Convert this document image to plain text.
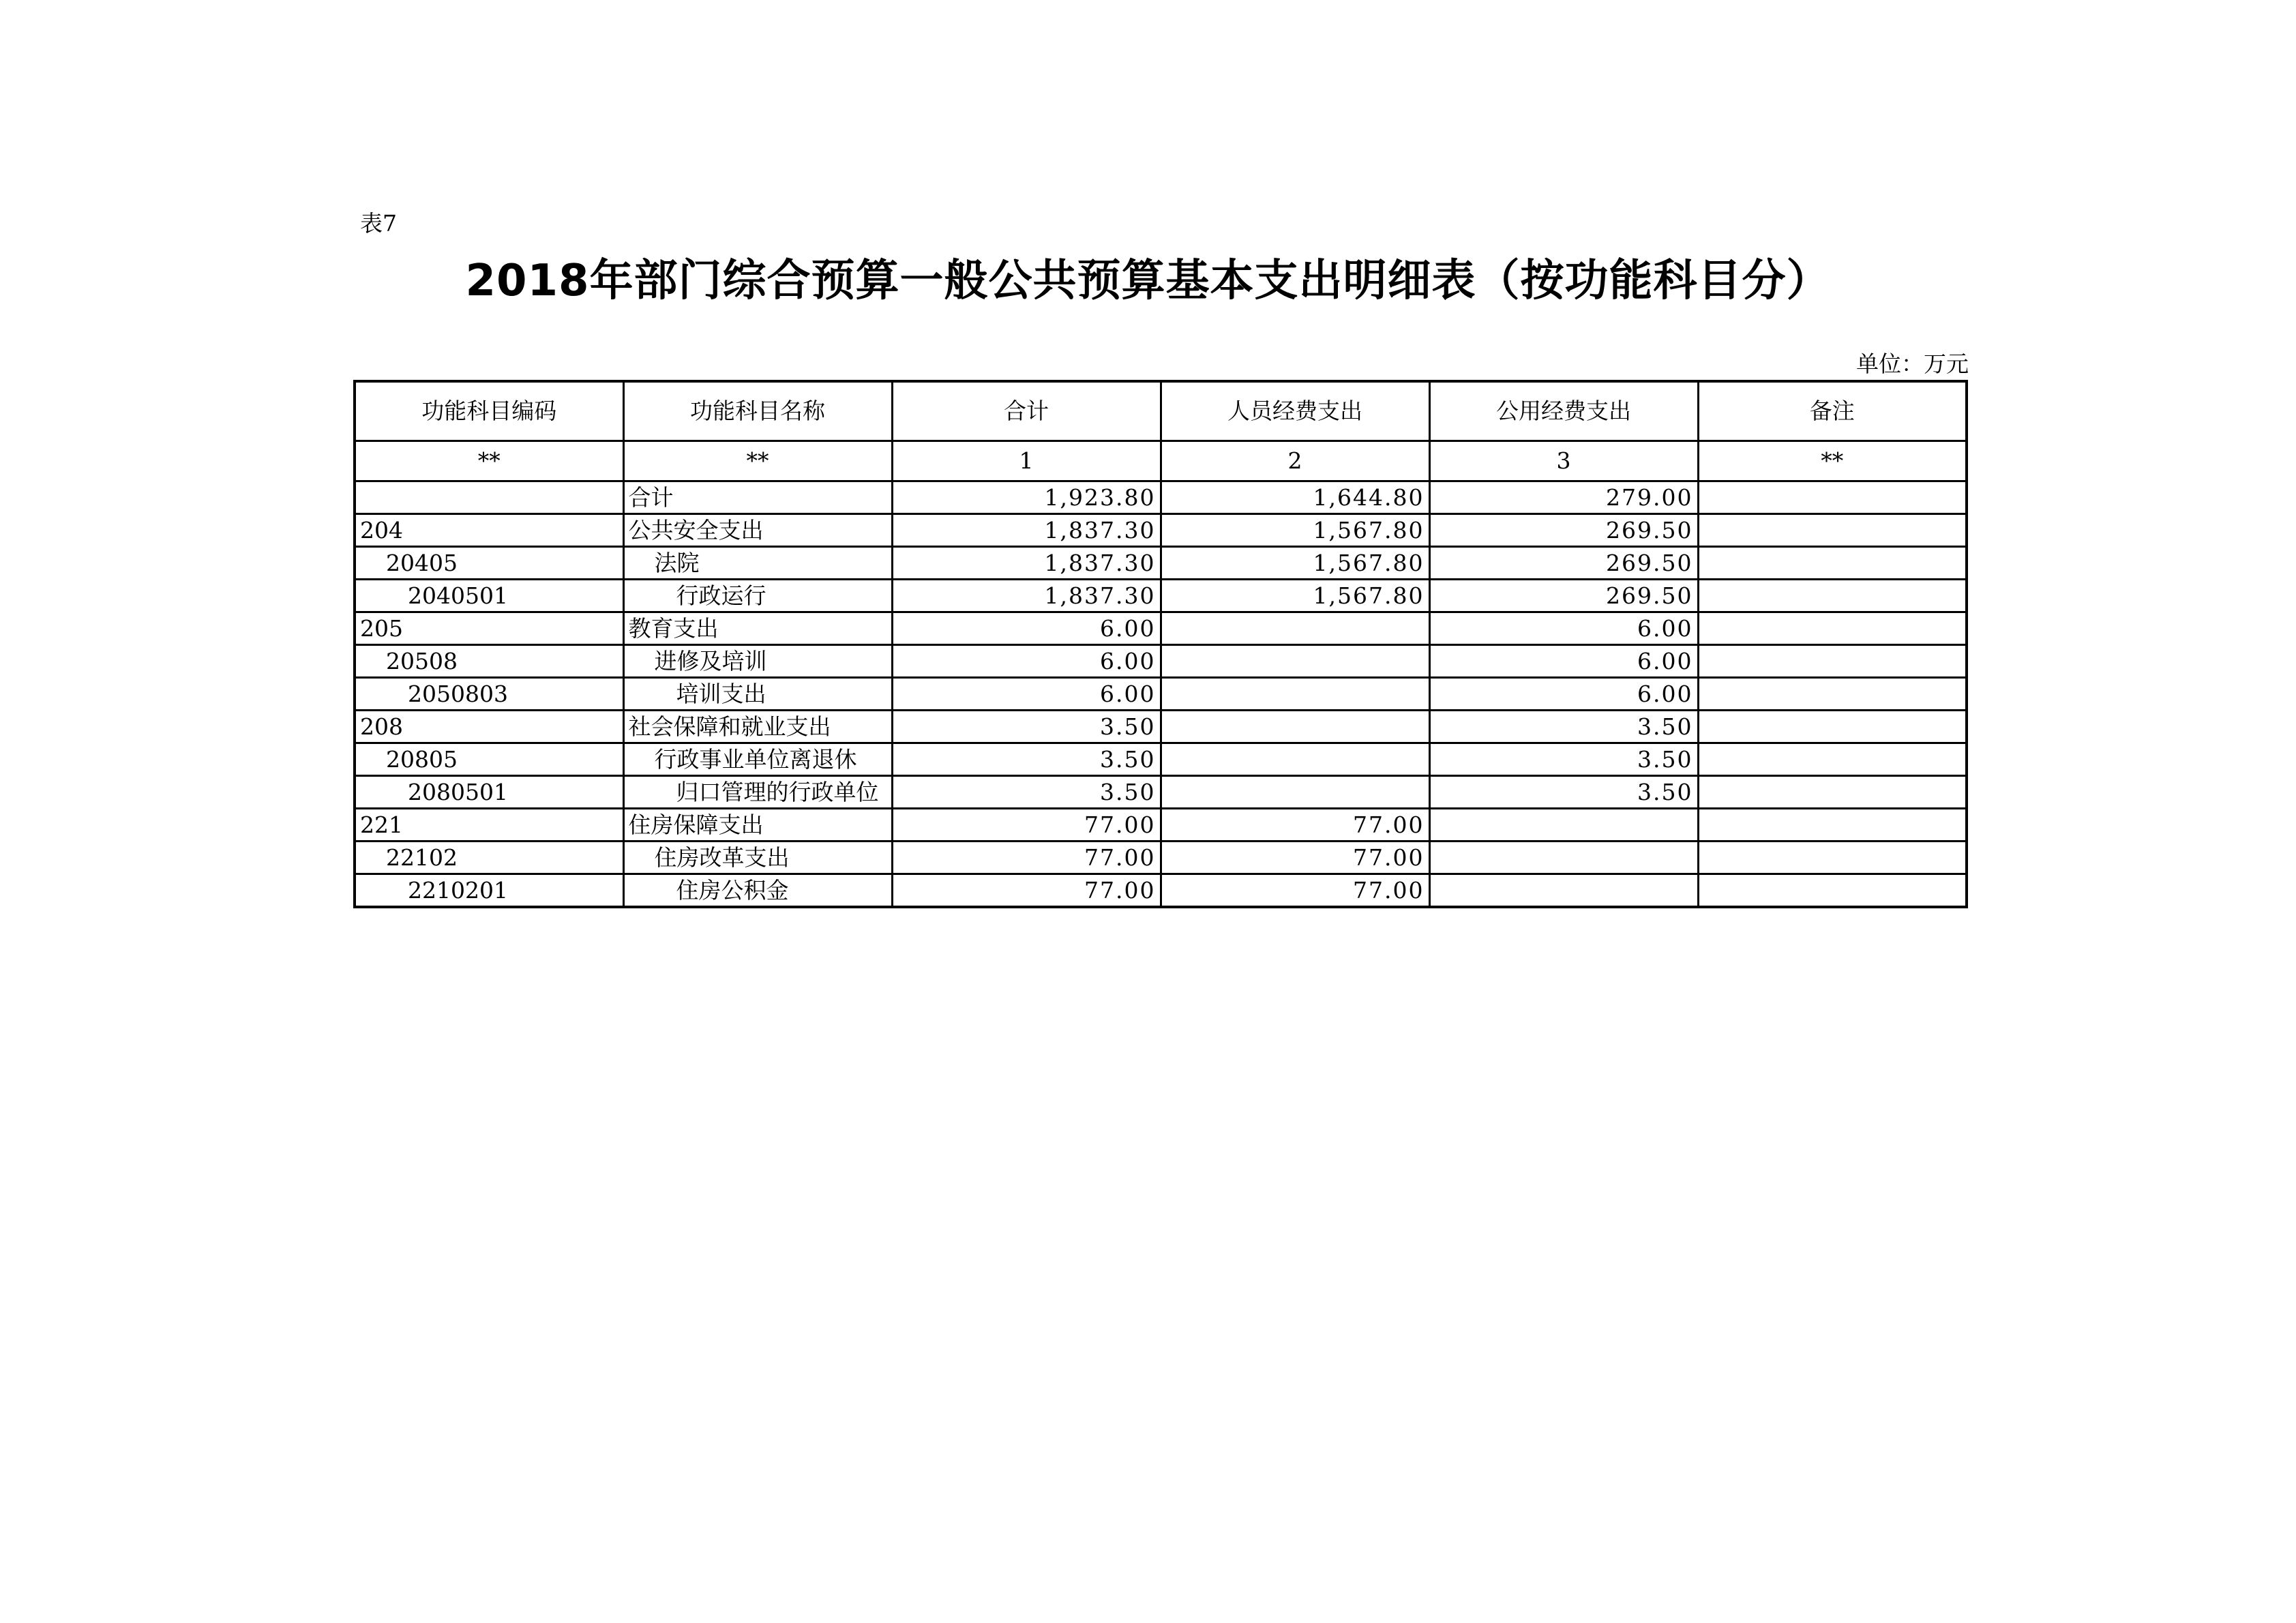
表7
2018年部门综合预算一般公共预算基本支出明细表（按功能科目分）
单位：万元
功能科目编码	功能科目名称	合计	人员经费支出	公用经费支出	备注
**	**	1	2	3	**
	合计	1,923.80	1,644.80	279.00	
204	公共安全支出	1,837.30	1,567.80	269.50	
20405	法院	1,837.30	1,567.80	269.50	
2040501	行政运行	1,837.30	1,567.80	269.50	
205	教育支出	6.00		6.00	
20508	进修及培训	6.00		6.00	
2050803	培训支出	6.00		6.00	
208	社会保障和就业支出	3.50		3.50	
20805	行政事业单位离退休	3.50		3.50	
2080501	归口管理的行政单位	3.50		3.50	
221	住房保障支出	77.00	77.00		
22102	住房改革支出	77.00	77.00		
2210201	住房公积金	77.00	77.00		
